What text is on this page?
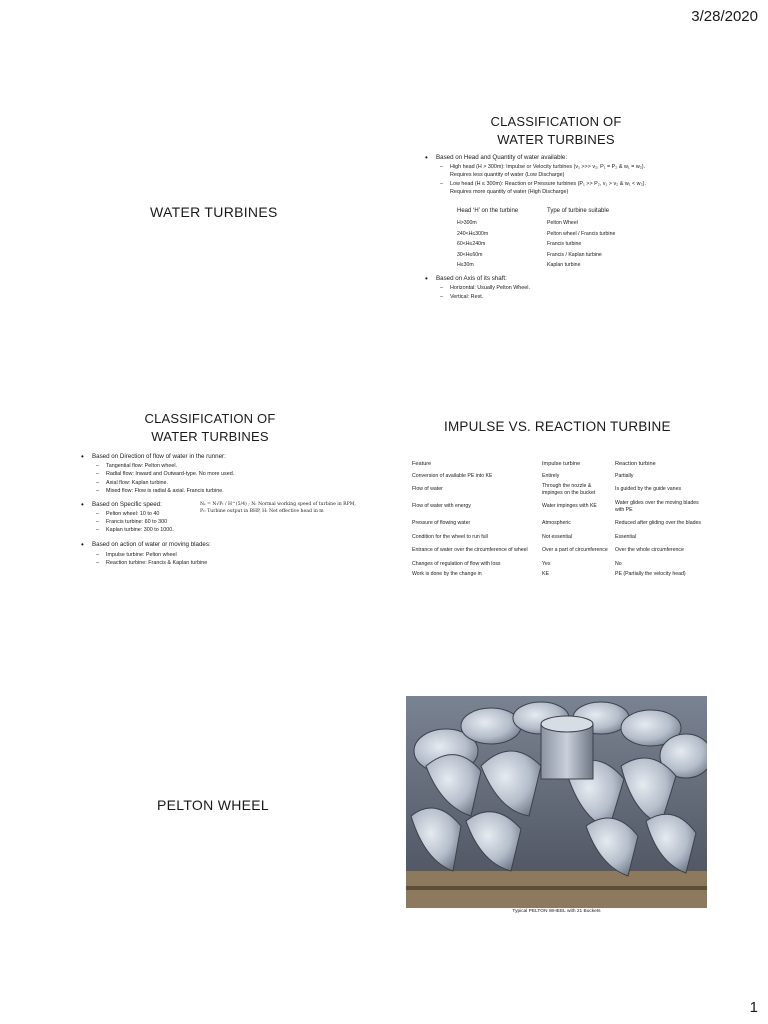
3/28/2020
1
WATER TURBINES
CLASSIFICATION OF
WATER TURBINES
• Based on Head and Quantity of water available:
– High head (H > 300m): Impulse or Velocity turbines (v₁ >>> v₂, P₁ = P₂ & w₁ = w₂).
Requires less quantity of water (Low Discharge)
– Low head (H ≤ 300m): Reaction or Pressure turbines (P₁ >> P₂, v₁ > v₂ & w₁ < w₂).
Requires more quantity of water (High Discharge)
Head ‘H’ on the turbine	Type of turbine suitable
H>300m	Pelton Wheel
240<H≤300m	Pelton wheel / Francis turbine
60<H≤240m	Francis turbine
30<H≤60m	Francis / Kaplan turbine
H≤30m	Kaplan turbine
• Based on Axis of its shaft:
– Horizontal: Usually Pelton Wheel.
– Vertical: Rest.
CLASSIFICATION OF
WATER TURBINES
• Based on Direction of flow of water in the runner:
– Tangential flow: Pelton wheel.
– Radial flow: Inward and Outward-type. No more used.
– Axial flow: Kaplan turbine.
– Mixed flow: Flow is radial & axial. Francis turbine.
• Based on Specific speed:
– Pelton wheel: 10 to 40
– Francis turbine: 60 to 300
– Kaplan turbine: 300 to 1000.
Nₛ = N√Pₜ / H^(5/4) ; N: Normal working speed of turbine in RPM,
Pₜ: Turbine output in BHP, H: Net effective head in m
• Based on action of water or moving blades:
– Impulse turbine: Pelton wheel
– Reaction turbine: Francis & Kaplan turbine
IMPULSE VS. REACTION TURBINE
Feature	Impulse turbine	Reaction turbine
Conversion of available PE into KE	Entirely	Partially
Flow of water	Through the nozzle & impinges on the bucket	Is guided by the guide vanes
Flow of water with energy	Water impinges with KE	Water glides over the moving blades with PE
Pressure of flowing water	Atmospheric	Reduced after gliding over the blades
Condition for the wheel to run full	Not essential	Essential
Entrance of water over the circumference of wheel	Over a part of circumference	Over the whole circumference
Changes of regulation of flow with loss	Yes	No
Work is done by the change in	KE	PE (Partially the velocity head)
PELTON WHEEL
Typical PELTON WHEEL with 21 Buckets
